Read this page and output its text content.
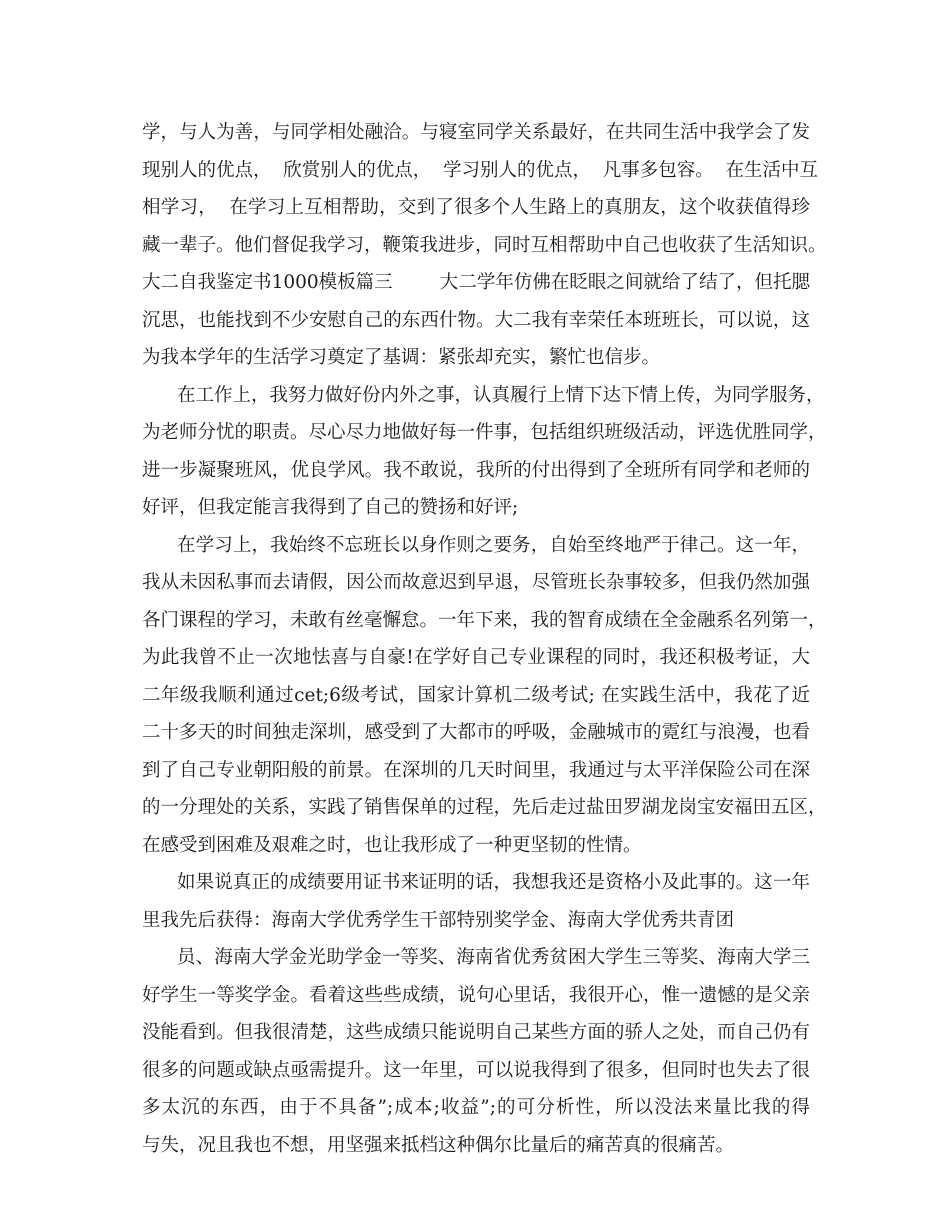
学，与人为善，与同学相处融洽。与寝室同学关系最好，在共同生活中我学会了发
现别人的优点，  欣赏别人的优点，  学习别人的优点，  凡事多包容。  在生活中互
相学习，  在学习上互相帮助，交到了很多个人生路上的真朋友，这个收获值得珍
藏一辈子。他们督促我学习，鞭策我进步，同时互相帮助中自己也收获了生活知识。
大二自我鉴定书1000模板篇三        大二学年仿佛在眨眼之间就给了结了，但托腮
沉思，也能找到不少安慰自己的东西什物。大二我有幸荣任本班班长，可以说，这
为我本学年的生活学习奠定了基调：紧张却充实，繁忙也信步。
在工作上，我努力做好份内外之事，认真履行上情下达下情上传，为同学服务，
为老师分忧的职责。尽心尽力地做好每一件事，包括组织班级活动，评选优胜同学，
进一步凝聚班风，优良学风。我不敢说，我所的付出得到了全班所有同学和老师的
好评，但我定能言我得到了自己的赞扬和好评;
在学习上，我始终不忘班长以身作则之要务，自始至终地严于律己。这一年，
我从未因私事而去请假，因公而故意迟到早退，尽管班长杂事较多，但我仍然加强
各门课程的学习，未敢有丝毫懈怠。一年下来，我的智育成绩在全金融系名列第一，
为此我曾不止一次地怯喜与自豪!在学好自己专业课程的同时，我还积极考证，大
二年级我顺利通过cet;6级考试，国家计算机二级考试; 在实践生活中，我花了近
二十多天的时间独走深圳，感受到了大都市的呼吸，金融城市的霓红与浪漫，也看
到了自己专业朝阳般的前景。在深圳的几天时间里，我通过与太平洋保险公司在深
的一分理处的关系，实践了销售保单的过程，先后走过盐田罗湖龙岗宝安福田五区，
在感受到困难及艰难之时，也让我形成了一种更坚韧的性情。
如果说真正的成绩要用证书来证明的话，我想我还是资格小及此事的。这一年
里我先后获得：海南大学优秀学生干部特别奖学金、海南大学优秀共青团
员、海南大学金光助学金一等奖、海南省优秀贫困大学生三等奖、海南大学三
好学生一等奖学金。看着这些些成绩，说句心里话，我很开心，惟一遗憾的是父亲
没能看到。但我很清楚，这些成绩只能说明自己某些方面的骄人之处，而自己仍有
很多的问题或缺点亟需提升。这一年里，可以说我得到了很多，但同时也失去了很
多太沉的东西，由于不具备”;成本;收益”;的可分析性，所以没法来量比我的得
与失，况且我也不想，用坚强来抵档这种偶尔比量后的痛苦真的很痛苦。
